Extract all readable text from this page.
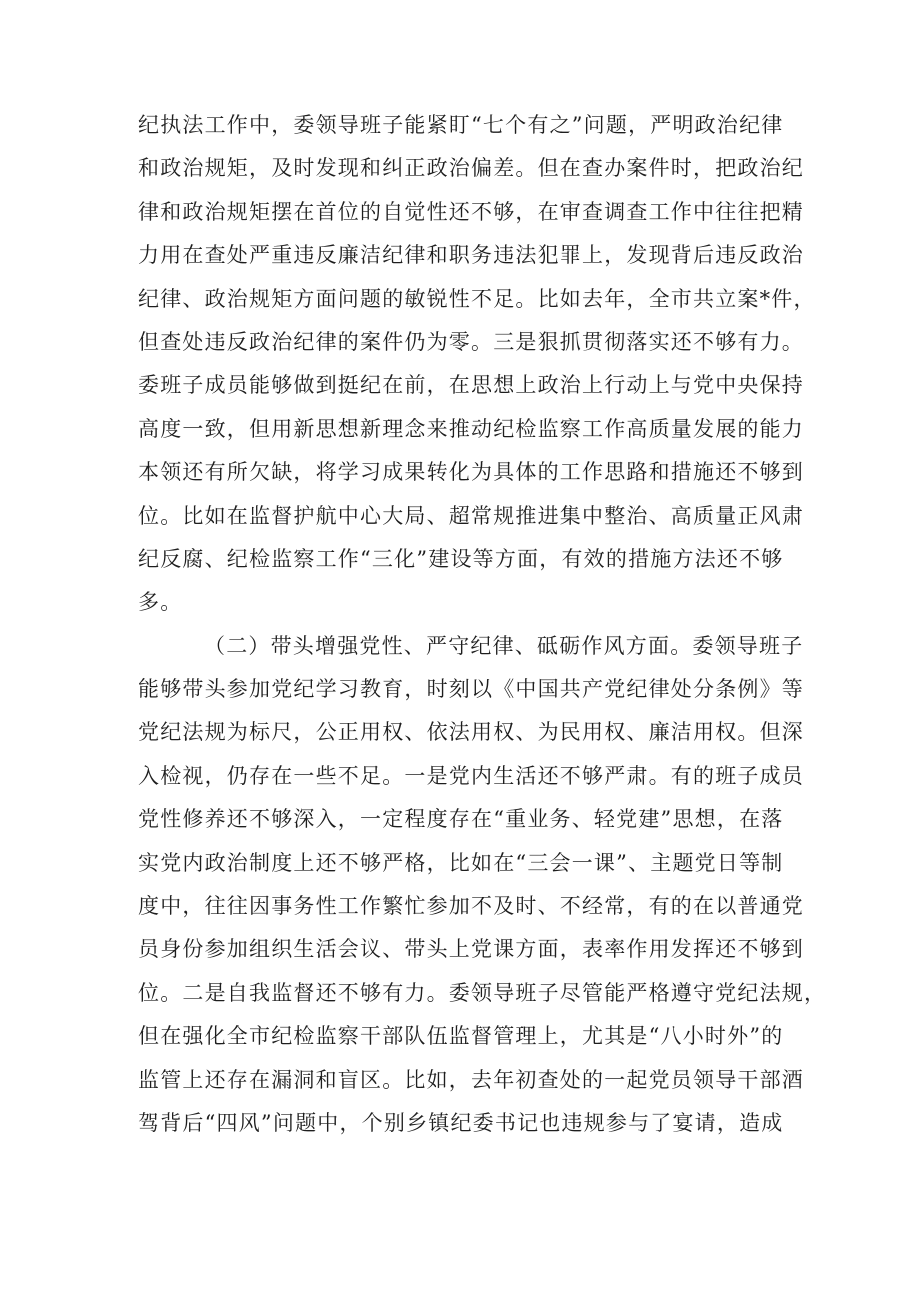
纪执法工作中，委领导班子能紧盯“七个有之”问题，严明政治纪律
和政治规矩，及时发现和纠正政治偏差。但在查办案件时，把政治纪
律和政治规矩摆在首位的自觉性还不够，在审查调查工作中往往把精
力用在查处严重违反廉洁纪律和职务违法犯罪上，发现背后违反政治
纪律、政治规矩方面问题的敏锐性不足。比如去年，全市共立案*件，
但查处违反政治纪律的案件仍为零。三是狠抓贯彻落实还不够有力。
委班子成员能够做到挺纪在前，在思想上政治上行动上与党中央保持
高度一致，但用新思想新理念来推动纪检监察工作高质量发展的能力
本领还有所欠缺，将学习成果转化为具体的工作思路和措施还不够到
位。比如在监督护航中心大局、超常规推进集中整治、高质量正风肃
纪反腐、纪检监察工作“三化”建设等方面，有效的措施方法还不够
多。
（二）带头增强党性、严守纪律、砥砺作风方面。委领导班子
能够带头参加党纪学习教育，时刻以《中国共产党纪律处分条例》等
党纪法规为标尺，公正用权、依法用权、为民用权、廉洁用权。但深
入检视，仍存在一些不足。一是党内生活还不够严肃。有的班子成员
党性修养还不够深入，一定程度存在“重业务、轻党建”思想，在落
实党内政治制度上还不够严格，比如在“三会一课”、主题党日等制
度中，往往因事务性工作繁忙参加不及时、不经常，有的在以普通党
员身份参加组织生活会议、带头上党课方面，表率作用发挥还不够到
位。二是自我监督还不够有力。委领导班子尽管能严格遵守党纪法规，
但在强化全市纪检监察干部队伍监督管理上，尤其是“八小时外”的
监管上还存在漏洞和盲区。比如，去年初查处的一起党员领导干部酒
驾背后“四风”问题中，个别乡镇纪委书记也违规参与了宴请，造成
